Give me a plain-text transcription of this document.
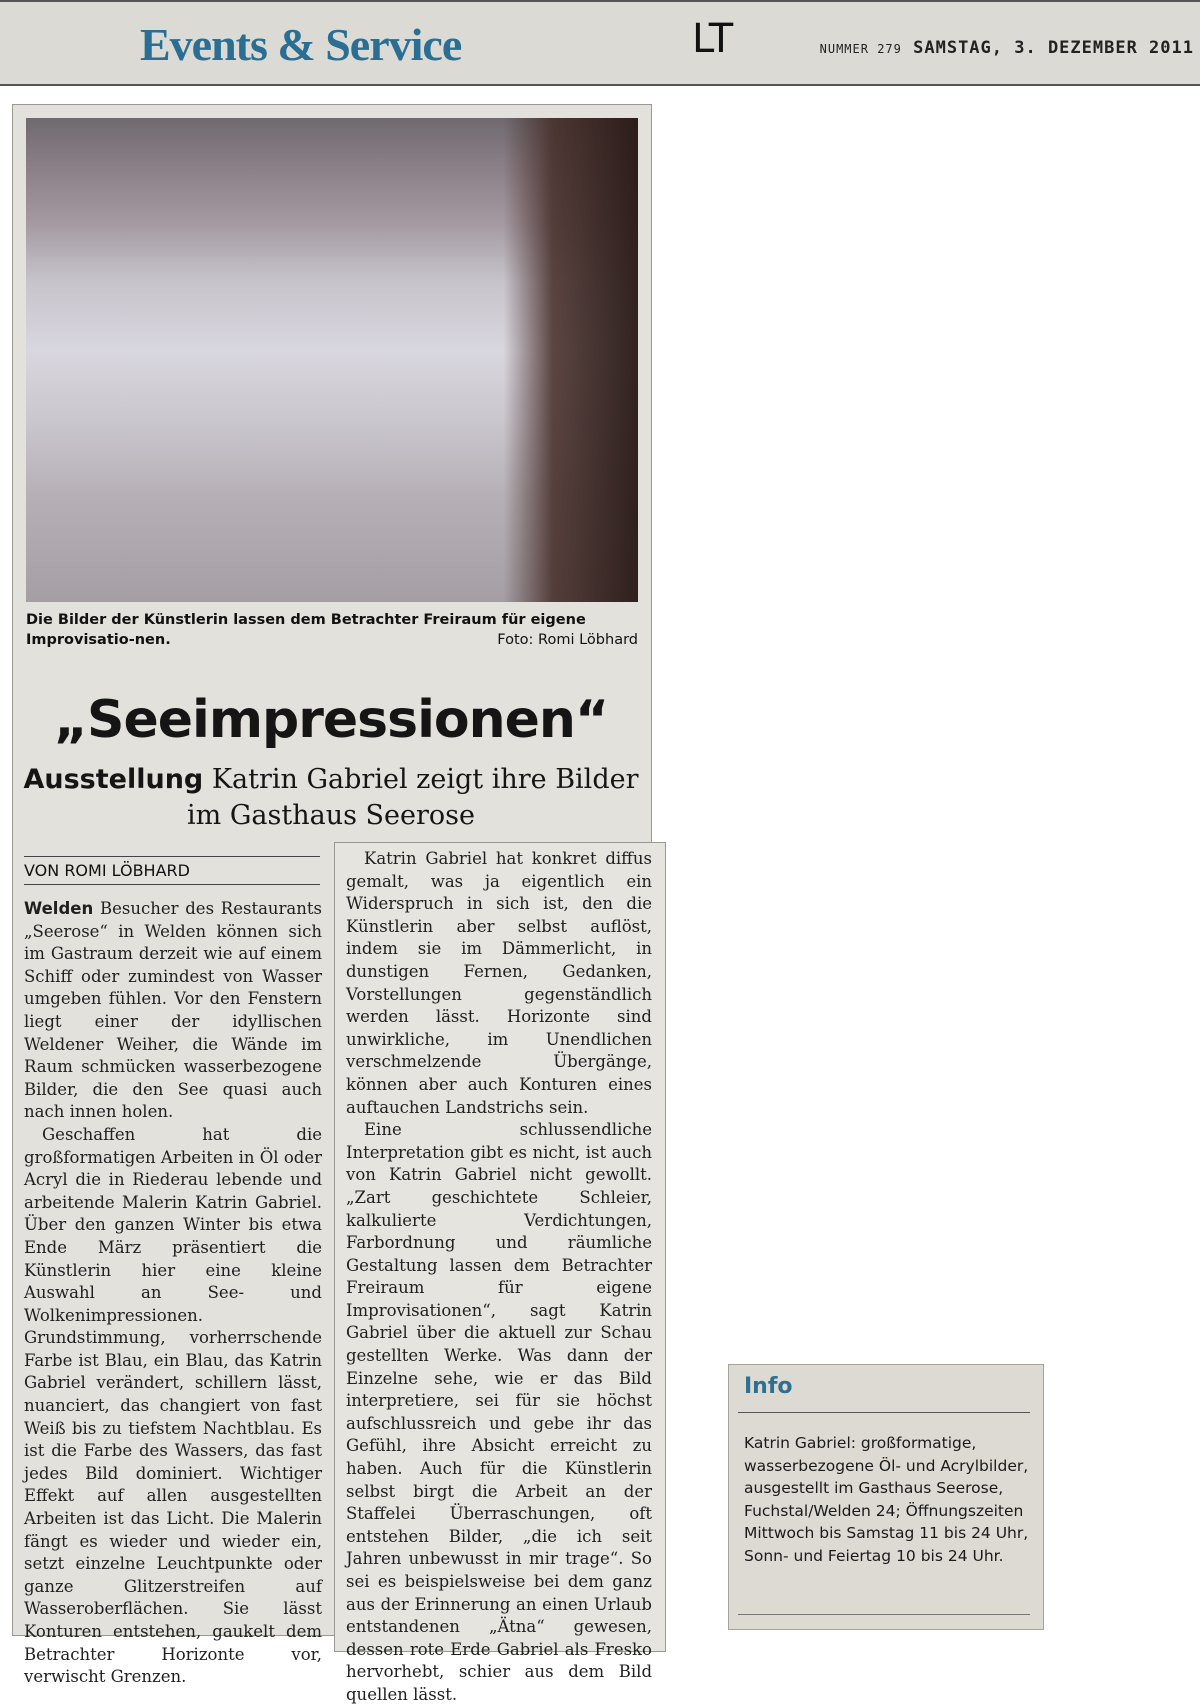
Events & Service	LT	NUMMER 279 SAMSTAG, 3. DEZEMBER 2011
Die Bilder der Künstlerin lassen dem Betrachter Freiraum für eigene Improvisatio-nen.	Foto: Romi Löbhard
„Seeimpressionen“
Ausstellung Katrin Gabriel zeigt ihre Bilder im Gasthaus Seerose
VON ROMI LÖBHARD

Welden Besucher des Restaurants „Seerose“ in Welden können sich im Gastraum derzeit wie auf einem Schiff oder zumindest von Wasser umgeben fühlen. Vor den Fenstern liegt einer der idyllischen Weldener Weiher, die Wände im Raum schmücken wasserbezogene Bilder, die den See quasi auch nach innen holen.

Geschaffen hat die großformatigen Arbeiten in Öl oder Acryl die in Riederau lebende und arbeitende Malerin Katrin Gabriel. Über den ganzen Winter bis etwa Ende März präsentiert die Künstlerin hier eine kleine Auswahl an See- und Wolkenimpressionen. Grundstimmung, vorherrschende Farbe ist Blau, ein Blau, das Katrin Gabriel verändert, schillern lässt, nuanciert, das changiert von fast Weiß bis zu tiefstem Nachtblau. Es ist die Farbe des Wassers, das fast jedes Bild dominiert. Wichtiger Effekt auf allen ausgestellten Arbeiten ist das Licht. Die Malerin fängt es wieder und wieder ein, setzt einzelne Leuchtpunkte oder ganze Glitzerstreifen auf Wasseroberflächen. Sie lässt Konturen entstehen, gaukelt dem Betrachter Horizonte vor, verwischt Grenzen.

Katrin Gabriel hat konkret diffus gemalt, was ja eigentlich ein Widerspruch in sich ist, den die Künstlerin aber selbst auflöst, indem sie im Dämmerlicht, in dunstigen Fernen, Gedanken, Vorstellungen gegenständlich werden lässt. Horizonte sind unwirkliche, im Unendlichen verschmelzende Übergänge, können aber auch Konturen eines auftauchen Landstrichs sein.

Eine schlussendliche Interpretation gibt es nicht, ist auch von Katrin Gabriel nicht gewollt. „Zart geschichtete Schleier, kalkulierte Verdichtungen, Farbordnung und räumliche Gestaltung lassen dem Betrachter Freiraum für eigene Improvisationen“, sagt Katrin Gabriel über die aktuell zur Schau gestellten Werke. Was dann der Einzelne sehe, wie er das Bild interpretiere, sei für sie höchst aufschlussreich und gebe ihr das Gefühl, ihre Absicht erreicht zu haben. Auch für die Künstlerin selbst birgt die Arbeit an der Staffelei Überraschungen, oft entstehen Bilder, „die ich seit Jahren unbewusst in mir trage“. So sei es beispielsweise bei dem ganz aus der Erinnerung an einen Urlaub entstandenen „Ätna“ gewesen, dessen rote Erde Gabriel als Fresko hervorhebt, schier aus dem Bild quellen lässt.

Info
Katrin Gabriel: großformatige, wasserbezogene Öl- und Acrylbilder, ausgestellt im Gasthaus Seerose, Fuchstal/Welden 24; Öffnungszeiten Mittwoch bis Samstag 11 bis 24 Uhr, Sonn- und Feiertag 10 bis 24 Uhr.
